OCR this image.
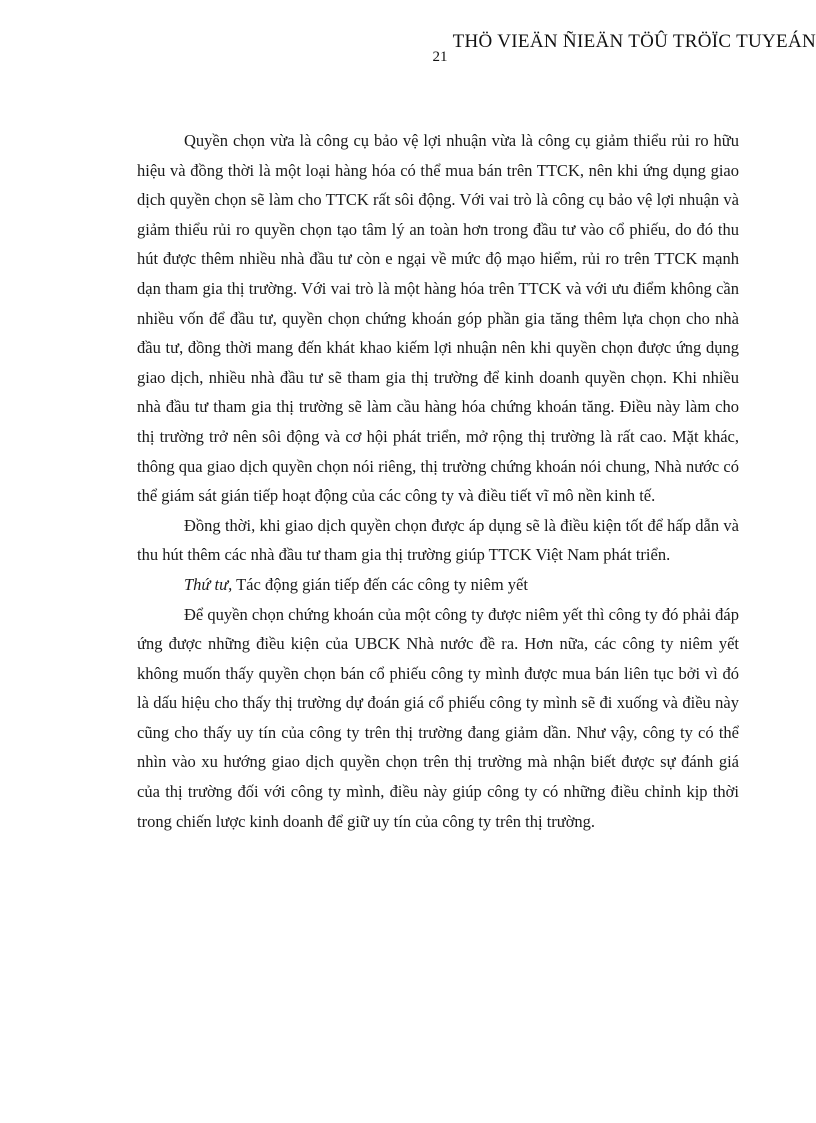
THÖ VIEÄN ÑIEÄN TÖÛ TRÖÏC TUYEÁN
21

Quyền chọn vừa là công cụ bảo vệ lợi nhuận vừa là công cụ giảm thiểu rủi ro hữu hiệu và đồng thời là một loại hàng hóa có thể mua bán trên TTCK, nên khi ứng dụng giao dịch quyền chọn sẽ làm cho TTCK rất sôi động. Với vai trò là công cụ bảo vệ lợi nhuận và giảm thiểu rủi ro quyền chọn tạo tâm lý an toàn hơn trong đầu tư vào cổ phiếu, do đó thu hút được thêm nhiều nhà đầu tư còn e ngại về mức độ mạo hiểm, rủi ro trên TTCK mạnh dạn tham gia thị trường. Với vai trò là một hàng hóa trên TTCK và với ưu điểm không cần nhiều vốn để đầu tư, quyền chọn chứng khoán góp phần gia tăng thêm lựa chọn cho nhà đầu tư, đồng thời mang đến khát khao kiếm lợi nhuận nên khi quyền chọn được ứng dụng giao dịch, nhiều nhà đầu tư sẽ tham gia thị trường để kinh doanh quyền chọn. Khi nhiều nhà đầu tư tham gia thị trường sẽ làm cầu hàng hóa chứng khoán tăng. Điều này làm cho thị trường trở nên sôi động và cơ hội phát triển, mở rộng thị trường là rất cao. Mặt khác, thông qua giao dịch quyền chọn nói riêng, thị trường chứng khoán nói chung, Nhà nước có thể giám sát gián tiếp hoạt động của các công ty và điều tiết vĩ mô nền kinh tế.

Đồng thời, khi giao dịch quyền chọn được áp dụng sẽ là điều kiện tốt để hấp dẫn và thu hút thêm các nhà đầu tư tham gia thị trường giúp TTCK Việt Nam phát triển.

Thứ tư, Tác động gián tiếp đến các công ty niêm yết

Để quyền chọn chứng khoán của một công ty được niêm yết thì công ty đó phải đáp ứng được những điều kiện của UBCK Nhà nước đề ra. Hơn nữa, các công ty niêm yết không muốn thấy quyền chọn bán cổ phiếu công ty mình được mua bán liên tục bởi vì đó là dấu hiệu cho thấy thị trường dự đoán giá cổ phiếu công ty mình sẽ đi xuống và điều này cũng cho thấy uy tín của công ty trên thị trường đang giảm dần. Như vậy, công ty có thể nhìn vào xu hướng giao dịch quyền chọn trên thị trường mà nhận biết được sự đánh giá của thị trường đối với công ty mình, điều này giúp công ty có những điều chỉnh kịp thời trong chiến lược kinh doanh để giữ uy tín của công ty trên thị trường.
